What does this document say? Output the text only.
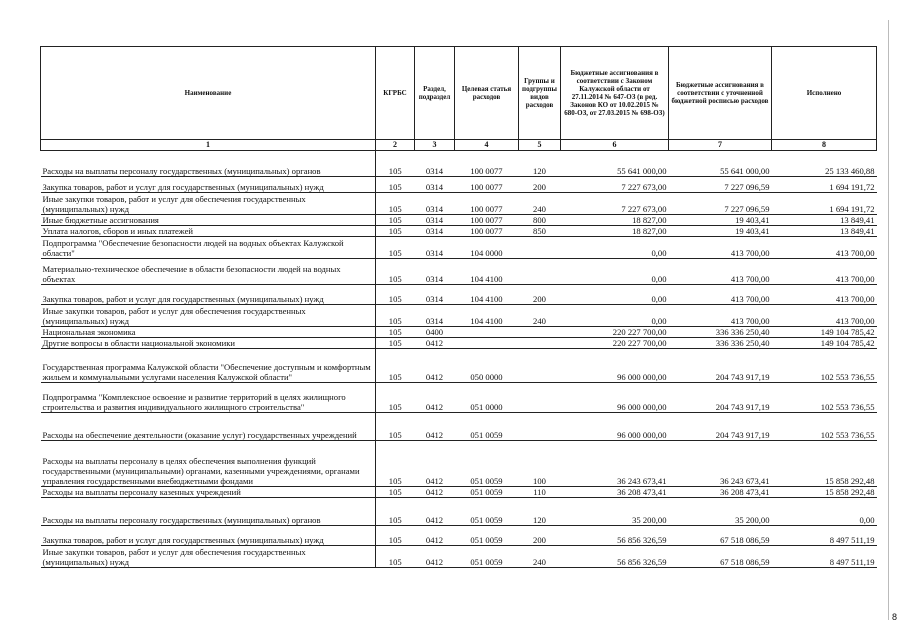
Наименование	КГРБС	Раздел, подраздел	Целевая статья расходов	Группы и подгруппы видов расходов	Бюджетные ассигнования в соответствии с Законом Калужской области от 27.11.2014 № 647-ОЗ (в ред. Законов КО от 10.02.2015 № 680-ОЗ, от 27.03.2015 № 698-ОЗ)	Бюджетные ассигнования в соответствии с уточненной бюджетной росписью расходов	Исполнено
1	2	3	4	5	6	7	8
Расходы на выплаты персоналу государственных (муниципальных) органов	105	0314	100 0077	120	55 641 000,00	55 641 000,00	25 133 460,88
Закупка товаров, работ и услуг для государственных (муниципальных) нужд	105	0314	100 0077	200	7 227 673,00	7 227 096,59	1 694 191,72
Иные закупки товаров, работ и услуг для обеспечения государственных (муниципальных) нужд	105	0314	100 0077	240	7 227 673,00	7 227 096,59	1 694 191,72
Иные бюджетные ассигнования	105	0314	100 0077	800	18 827,00	19 403,41	13 849,41
Уплата налогов, сборов и иных платежей	105	0314	100 0077	850	18 827,00	19 403,41	13 849,41
Подпрограмма "Обеспечение безопасности людей на водных объектах Калужской области"	105	0314	104 0000		0,00	413 700,00	413 700,00
Материально-техническое обеспечение в области безопасности людей на водных объектах	105	0314	104 4100		0,00	413 700,00	413 700,00
Закупка товаров, работ и услуг для государственных (муниципальных) нужд	105	0314	104 4100	200	0,00	413 700,00	413 700,00
Иные закупки товаров, работ и услуг для обеспечения государственных (муниципальных) нужд	105	0314	104 4100	240	0,00	413 700,00	413 700,00
Национальная экономика	105	0400			220 227 700,00	336 336 250,40	149 104 785,42
Другие вопросы в области национальной экономики	105	0412			220 227 700,00	336 336 250,40	149 104 785,42
Государственная программа Калужской области "Обеспечение доступным и комфортным жильем и коммунальными услугами населения Калужской области"	105	0412	050 0000		96 000 000,00	204 743 917,19	102 553 736,55
Подпрограмма "Комплексное освоение и развитие территорий в целях жилищного строительства и развития индивидуального жилищного строительства"	105	0412	051 0000		96 000 000,00	204 743 917,19	102 553 736,55
Расходы на обеспечение деятельности (оказание услуг) государственных учреждений	105	0412	051 0059		96 000 000,00	204 743 917,19	102 553 736,55
Расходы на выплаты персоналу в целях обеспечения выполнения функций государственными (муниципальными) органами, казенными учреждениями, органами управления государственными внебюджетными фондами	105	0412	051 0059	100	36 243 673,41	36 243 673,41	15 858 292,48
Расходы на выплаты персоналу казенных учреждений	105	0412	051 0059	110	36 208 473,41	36 208 473,41	15 858 292,48
Расходы на выплаты персоналу государственных (муниципальных) органов	105	0412	051 0059	120	35 200,00	35 200,00	0,00
Закупка товаров, работ и услуг для государственных (муниципальных) нужд	105	0412	051 0059	200	56 856 326,59	67 518 086,59	8 497 511,19
Иные закупки товаров, работ и услуг для обеспечения государственных (муниципальных) нужд	105	0412	051 0059	240	56 856 326,59	67 518 086,59	8 497 511,19
8
